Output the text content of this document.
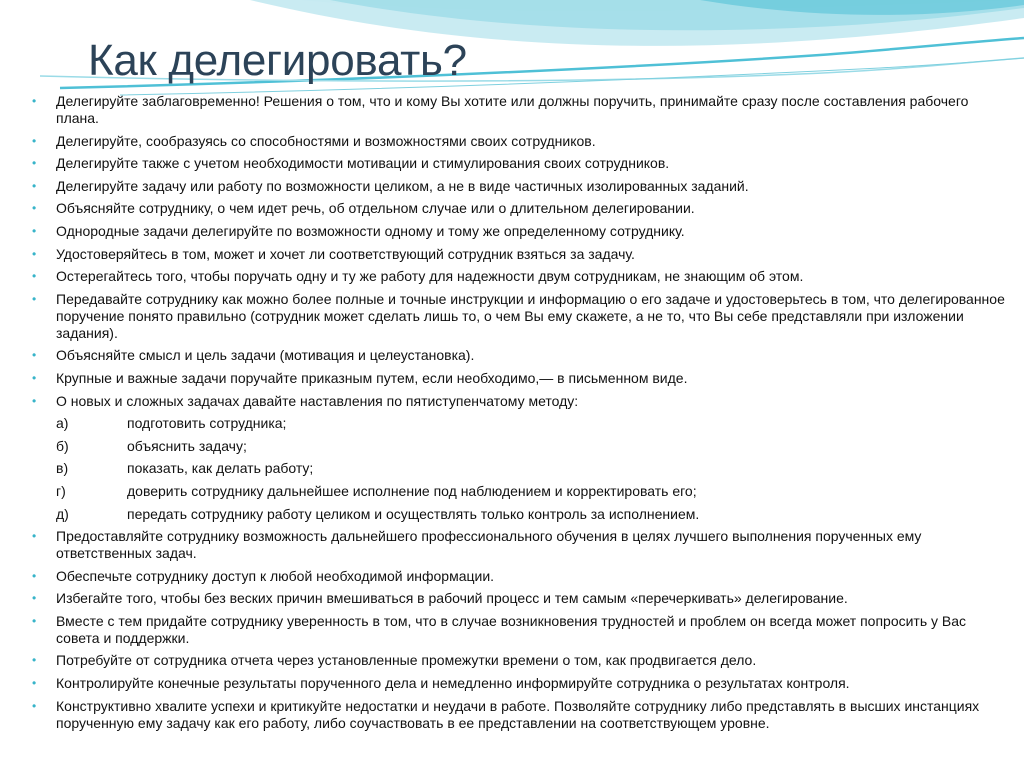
Как делегировать?
• Делегируйте заблаговременно! Решения о том, что и кому Вы хотите или должны поручить, принимайте сразу после составления рабочего плана.
• Делегируйте, сообразуясь со способностями и возможностями своих сотрудников.
• Делегируйте также с учетом необходимости мотивации и стимулирования своих сотрудников.
• Делегируйте задачу или работу по возможности целиком, а не в виде частичных изолированных заданий.
• Объясняйте сотруднику, о чем идет речь, об отдельном случае или о длительном делегировании.
• Однородные задачи делегируйте по возможности одному и тому же определенному сотруднику.
• Удостоверяйтесь в том, может и хочет ли соответствующий сотрудник взяться за задачу.
• Остерегайтесь того, чтобы поручать одну и ту же работу для надежности двум сотрудникам, не знающим об этом.
• Передавайте сотруднику как можно более полные и точные инструкции и информацию о его задаче и удостоверьтесь в том, что делегированное поручение понято правильно (сотрудник может сделать лишь то, о чем Вы ему скажете, а не то, что Вы себе представляли при изложении задания).
• Объясняйте смысл и цель задачи (мотивация и целеустановка).
• Крупные и важные задачи поручайте приказным путем, если необходимо,— в письменном виде.
• О новых и сложных задачах давайте наставления по пятиступенчатому методу:
а)	подготовить сотрудника;
б)	объяснить задачу;
в)	показать, как делать работу;
г)	доверить сотруднику дальнейшее исполнение под наблюдением и корректировать его;
д)	передать сотруднику работу целиком и осуществлять только контроль за исполнением.
• Предоставляйте сотруднику возможность дальнейшего профессионального обучения в целях лучшего выполнения порученных ему ответственных задач.
• Обеспечьте сотруднику доступ к любой необходимой информации.
• Избегайте того, чтобы без веских причин вмешиваться в рабочий процесс и тем самым «перечеркивать» делегирование.
• Вместе с тем придайте сотруднику уверенность в том, что в случае возникновения трудностей и проблем он всегда может попросить у Вас совета и поддержки.
• Потребуйте от сотрудника отчета через установленные промежутки времени о том, как продвигается дело.
• Контролируйте конечные результаты порученного дела и немедленно информируйте сотрудника о результатах контроля.
• Конструктивно хвалите успехи и критикуйте недостатки и неудачи в работе. Позволяйте сотруднику либо представлять в высших инстанциях порученную ему задачу как его работу, либо соучаствовать в ее представлении на соответствующем уровне.
